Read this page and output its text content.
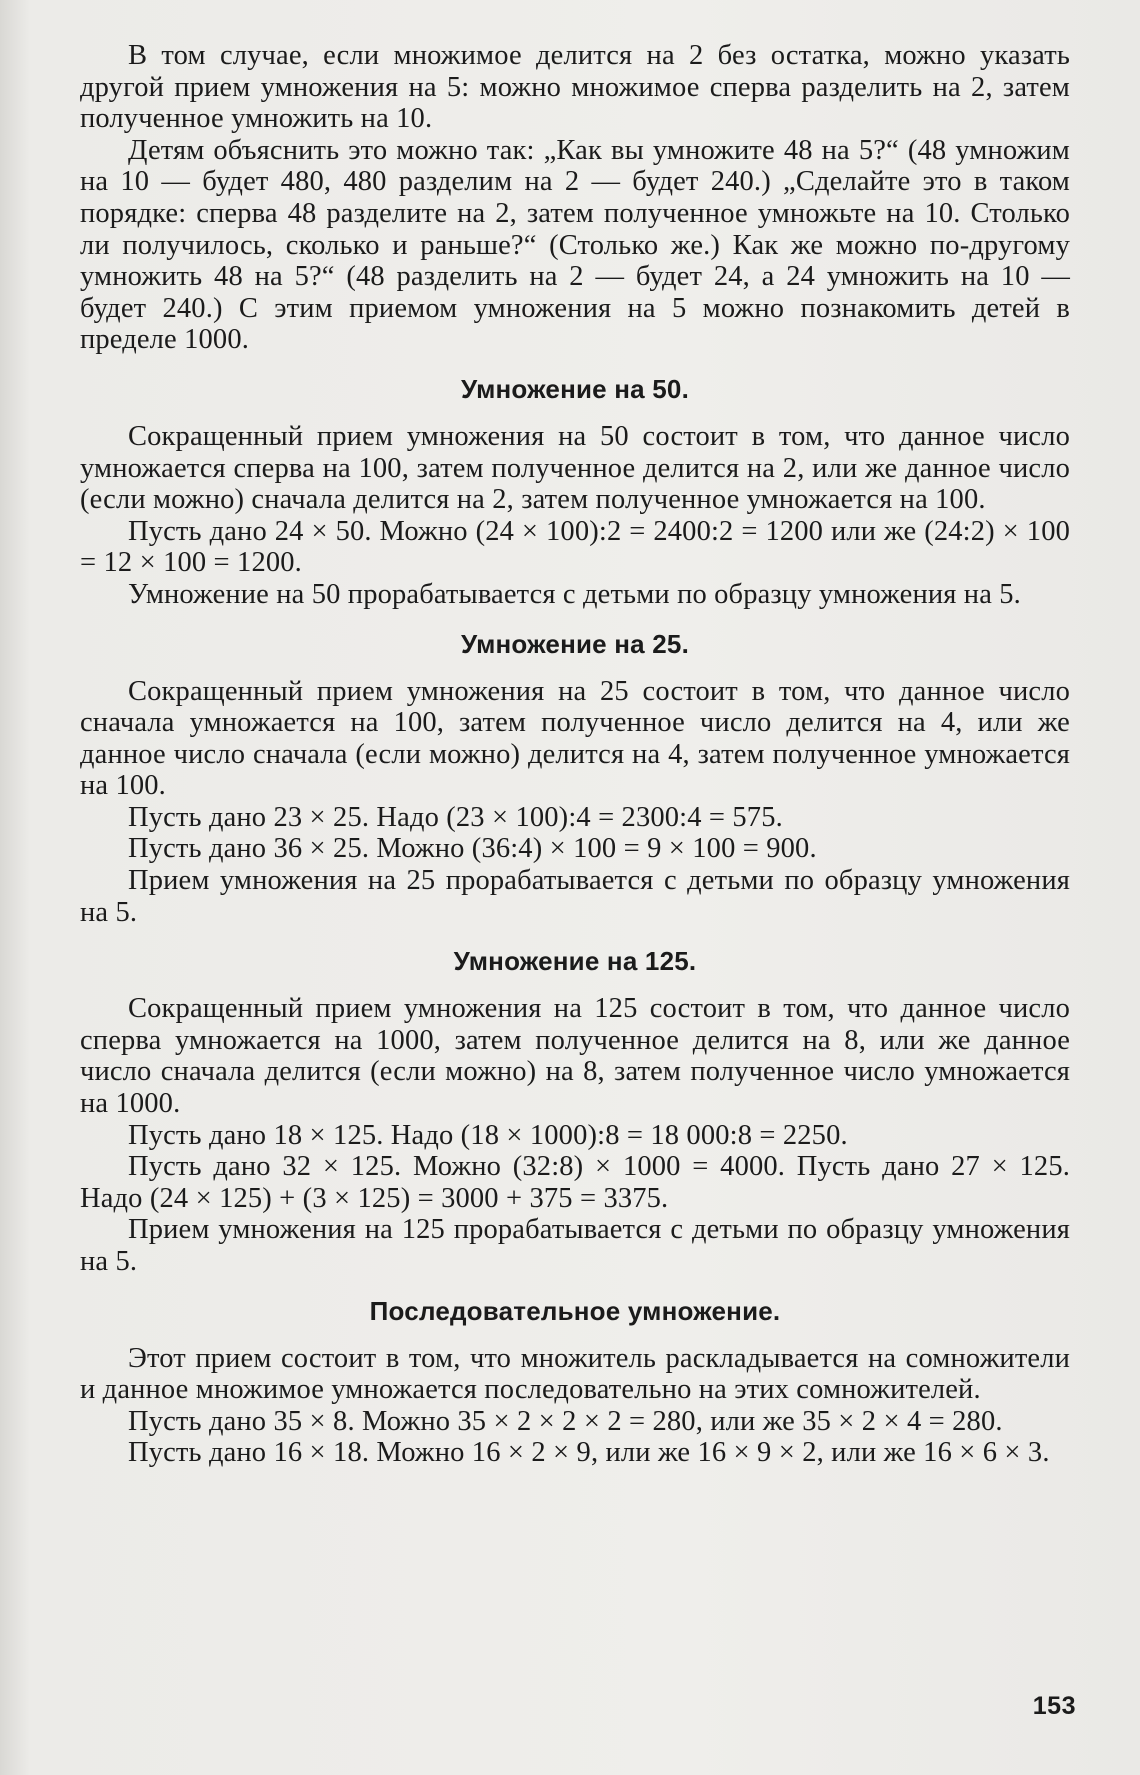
В том случае, если множимое делится на 2 без остатка, можно указать другой прием умножения на 5: можно множимое сперва разделить на 2, затем полученное умножить на 10.

Детям объяснить это можно так: „Как вы умножите 48 на 5?“ (48 умножим на 10 — будет 480, 480 разделим на 2 — будет 240.) „Сделайте это в таком порядке: сперва 48 разделите на 2, затем полученное умножьте на 10. Столько ли получилось, сколько и раньше?“ (Столько же.) Как же можно по-другому умножить 48 на 5?“ (48 разделить на 2 — будет 24, а 24 умножить на 10 — будет 240.) С этим приемом умножения на 5 можно познакомить детей в пределе 1000.

Умножение на 50.

Сокращенный прием умножения на 50 состоит в том, что данное число умножается сперва на 100, затем полученное делится на 2, или же данное число (если можно) сначала делится на 2, затем полученное умножается на 100.

Пусть дано 24 × 50. Можно (24 × 100):2 = 2400:2 = 1200 или же (24:2) × 100 = 12 × 100 = 1200.

Умножение на 50 прорабатывается с детьми по образцу умножения на 5.

Умножение на 25.

Сокращенный прием умножения на 25 состоит в том, что данное число сначала умножается на 100, затем полученное число делится на 4, или же данное число сначала (если можно) делится на 4, затем полученное умножается на 100.

Пусть дано 23 × 25. Надо (23 × 100):4 = 2300:4 = 575.

Пусть дано 36 × 25. Можно (36:4) × 100 = 9 × 100 = 900.

Прием умножения на 25 прорабатывается с детьми по образцу умножения на 5.

Умножение на 125.

Сокращенный прием умножения на 125 состоит в том, что данное число сперва умножается на 1000, затем полученное делится на 8, или же данное число сначала делится (если можно) на 8, затем полученное число умножается на 1000.

Пусть дано 18 × 125. Надо (18 × 1000):8 = 18 000:8 = 2250.

Пусть дано 32 × 125. Можно (32:8) × 1000 = 4000. Пусть дано 27 × 125. Надо (24 × 125) + (3 × 125) = 3000 + 375 = 3375.

Прием умножения на 125 прорабатывается с детьми по образцу умножения на 5.

Последовательное умножение.

Этот прием состоит в том, что множитель раскладывается на сомножители и данное множимое умножается последовательно на этих сомножителей.

Пусть дано 35 × 8. Можно 35 × 2 × 2 × 2 = 280, или же 35 × 2 × 4 = 280.

Пусть дано 16 × 18. Можно 16 × 2 × 9, или же 16 × 9 × 2, или же 16 × 6 × 3.

153
